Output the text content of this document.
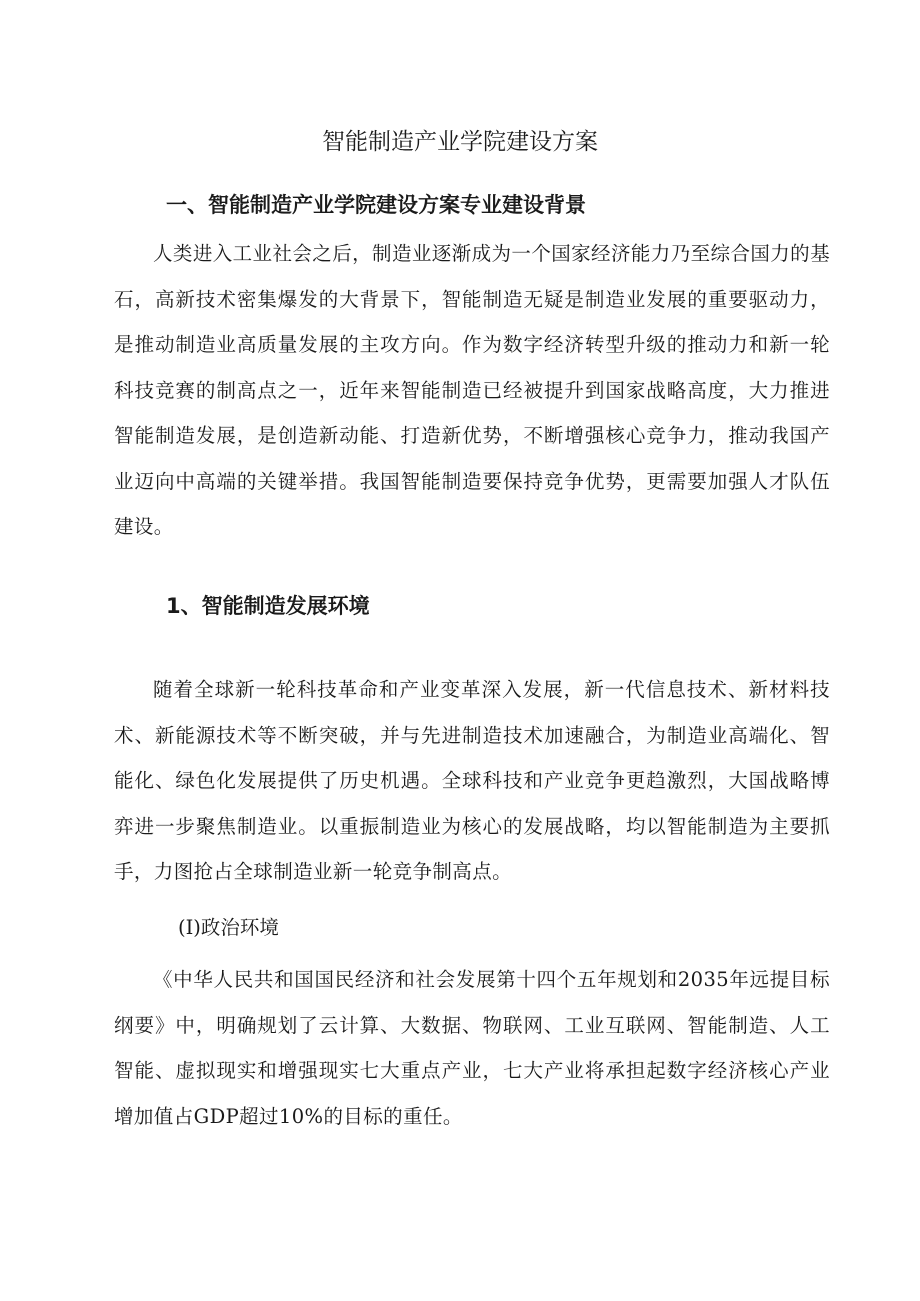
智能制造产业学院建设方案
一、智能制造产业学院建设方案专业建设背景

人类进入工业社会之后，制造业逐渐成为一个国家经济能力乃至综合国力的基石，高新技术密集爆发的大背景下，智能制造无疑是制造业发展的重要驱动力，是推动制造业高质量发展的主攻方向。作为数字经济转型升级的推动力和新一轮科技竞赛的制高点之一，近年来智能制造已经被提升到国家战略高度，大力推进智能制造发展，是创造新动能、打造新优势，不断增强核心竞争力，推动我国产业迈向中高端的关键举措。我国智能制造要保持竞争优势，更需要加强人才队伍建设。

1、智能制造发展环境

随着全球新一轮科技革命和产业变革深入发展，新一代信息技术、新材料技术、新能源技术等不断突破，并与先进制造技术加速融合，为制造业高端化、智能化、绿色化发展提供了历史机遇。全球科技和产业竞争更趋激烈，大国战略博弈进一步聚焦制造业。以重振制造业为核心的发展战略，均以智能制造为主要抓手，力图抢占全球制造业新一轮竞争制高点。

(I)政治环境

《中华人民共和国国民经济和社会发展第十四个五年规划和2035年远提目标纲要》中，明确规划了云计算、大数据、物联网、工业互联网、智能制造、人工智能、虚拟现实和增强现实七大重点产业，七大产业将承担起数字经济核心产业增加值占GDP超过10%的目标的重任。
